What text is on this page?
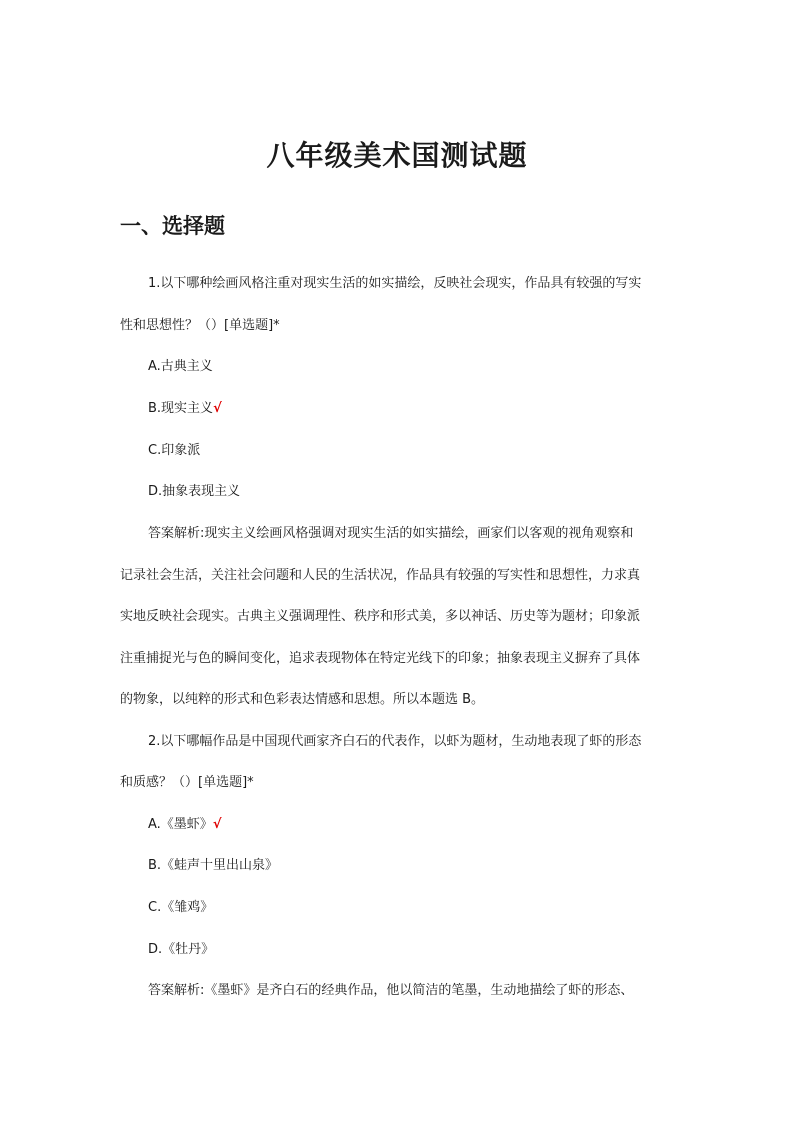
八年级美术国测试题
一、选择题

1.以下哪种绘画风格注重对现实生活的如实描绘，反映社会现实，作品具有较强的写实

性和思想性？（）[单选题]*

A.古典主义

B.现实主义√

C.印象派

D.抽象表现主义

答案解析:现实主义绘画风格强调对现实生活的如实描绘，画家们以客观的视角观察和

记录社会生活，关注社会问题和人民的生活状况，作品具有较强的写实性和思想性，力求真

实地反映社会现实。古典主义强调理性、秩序和形式美，多以神话、历史等为题材；印象派

注重捕捉光与色的瞬间变化，追求表现物体在特定光线下的印象；抽象表现主义摒弃了具体

的物象，以纯粹的形式和色彩表达情感和思想。所以本题选 B。

2.以下哪幅作品是中国现代画家齐白石的代表作，以虾为题材，生动地表现了虾的形态

和质感？（）[单选题]*

A.《墨虾》√

B.《蛙声十里出山泉》

C.《雏鸡》

D.《牡丹》

答案解析:《墨虾》是齐白石的经典作品，他以简洁的笔墨，生动地描绘了虾的形态、
